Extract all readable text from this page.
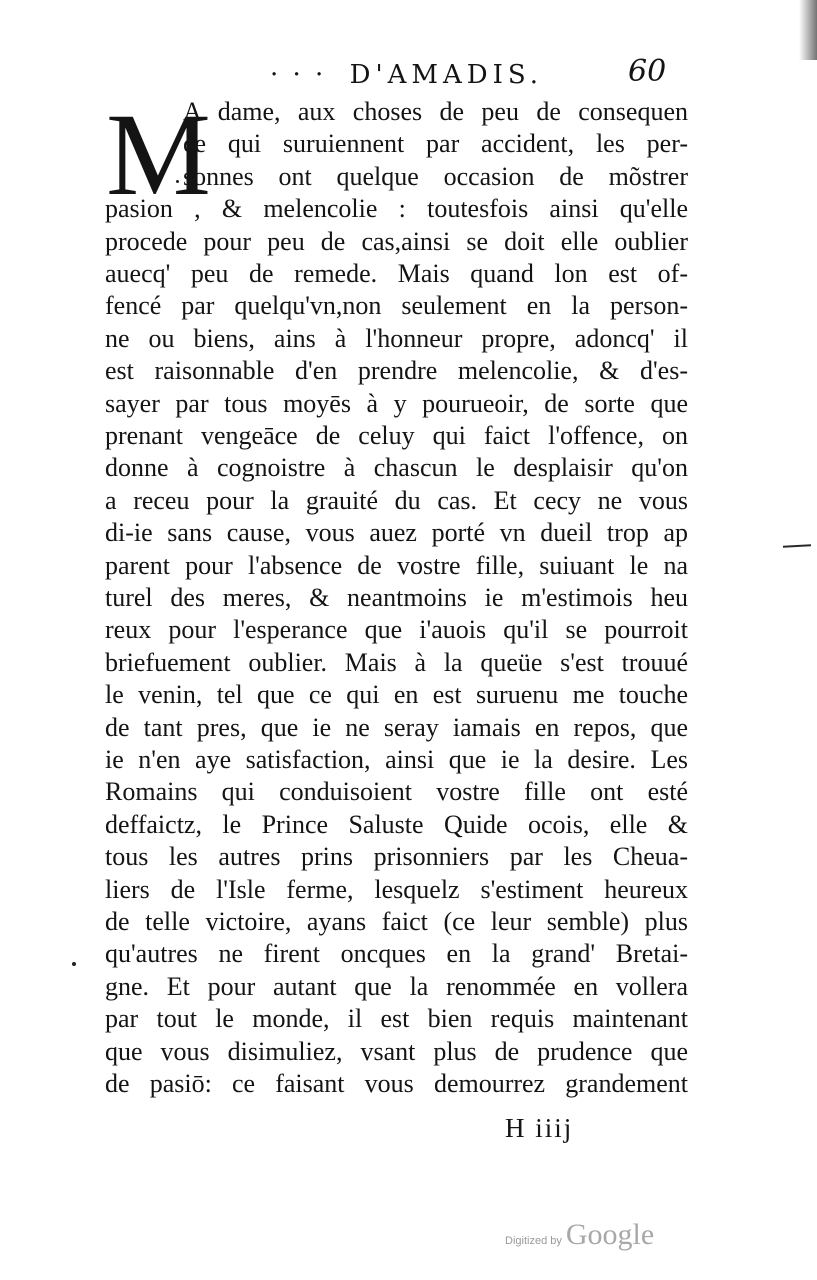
· · · D'AMADIS.	60
M
A dame, aux choses de peu de consequen
ce qui suruiennent par accident, les per-
sonnes ont quelque occasion de mõstrer
pasion , & melencolie : toutesfois ainsi qu'elle
procede pour peu de cas,ainsi se doit elle oublier
auecq' peu de remede. Mais quand lon est of-
fencé par quelqu'vn,non seulement en la person-
ne ou biens, ains à l'honneur propre, adoncq' il
est raisonnable d'en prendre melencolie, & d'es-
sayer par tous moyēs à y pourueoir, de sorte que
prenant vengeāce de celuy qui faict l'offence, on
donne à cognoistre à chascun le desplaisir qu'on
a receu pour la grauité du cas. Et cecy ne vous
di-ie sans cause, vous auez porté vn dueil trop ap
parent pour l'absence de vostre fille, suiuant le na
turel des meres, & neantmoins ie m'estimois heu
reux pour l'esperance que i'auois qu'il se pourroit
briefuement oublier. Mais à la queüe s'est trouué
le venin, tel que ce qui en est suruenu me touche
de tant pres, que ie ne seray iamais en repos, que
ie n'en aye satisfaction, ainsi que ie la desire. Les
Romains qui conduisoient vostre fille ont esté
deffaictz, le Prince Saluste Quide ocois, elle &
tous les autres prins prisonniers par les Cheua-
liers de l'Isle ferme, lesquelz s'estiment heureux
de telle victoire, ayans faict (ce leur semble) plus
qu'autres ne firent oncques en la grand' Bretai-
gne. Et pour autant que la renommée en vollera
par tout le monde, il est bien requis maintenant
que vous disimuliez, vsant plus de prudence que
de pasiō: ce faisant vous demourrez grandement
H iiij
Digitized by Google
